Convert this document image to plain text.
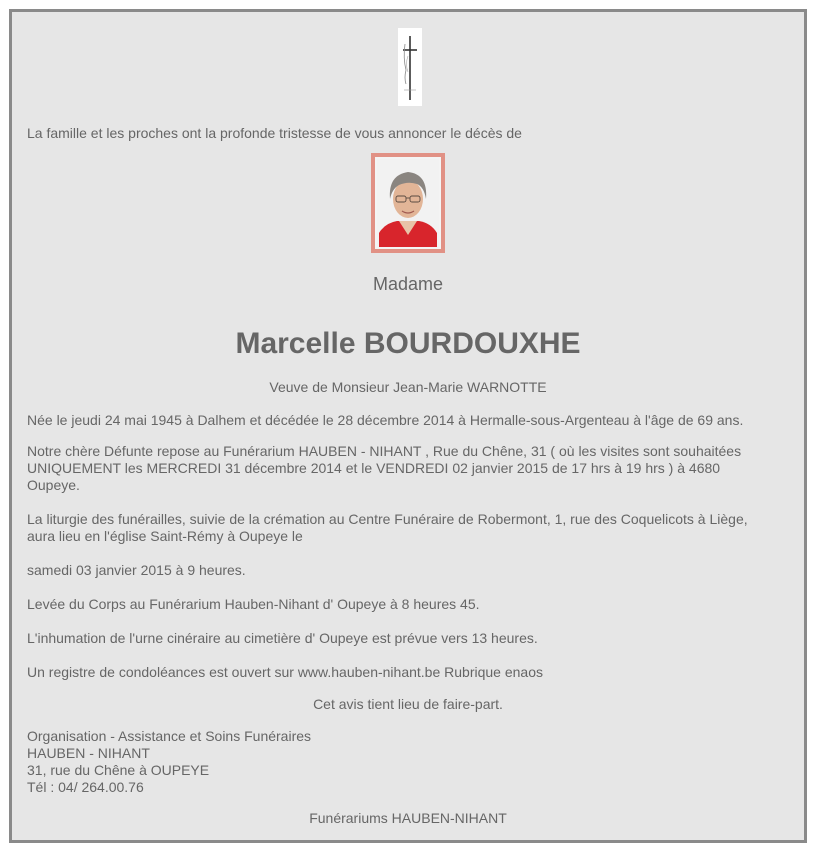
La famille et les proches ont la profonde tristesse de vous annoncer le décès de

Madame

Marcelle BOURDOUXHE

Veuve de Monsieur Jean-Marie WARNOTTE

Née le jeudi 24 mai 1945 à Dalhem et décédée le 28 décembre 2014 à Hermalle-sous-Argenteau à l'âge de 69 ans.

Notre chère Défunte repose au Funérarium HAUBEN - NIHANT , Rue du Chêne, 31 ( où les visites sont souhaitées
UNIQUEMENT les MERCREDI 31 décembre 2014 et le VENDREDI 02 janvier 2015 de 17 hrs à 19 hrs ) à 4680
Oupeye.

La liturgie des funérailles, suivie de la crémation au Centre Funéraire de Robermont, 1, rue des Coquelicots à Liège,
aura lieu en l'église Saint-Rémy à Oupeye le

samedi 03 janvier 2015 à 9 heures.

Levée du Corps au Funérarium Hauben-Nihant d' Oupeye à 8 heures 45.

L'inhumation de l'urne cinéraire au cimetière d' Oupeye est prévue vers 13 heures.

Un registre de condoléances est ouvert sur www.hauben-nihant.be Rubrique enaos

Cet avis tient lieu de faire-part.

Organisation - Assistance et Soins Funéraires
HAUBEN - NIHANT
31, rue du Chêne à OUPEYE
Tél : 04/ 264.00.76

Funérariums HAUBEN-NIHANT
